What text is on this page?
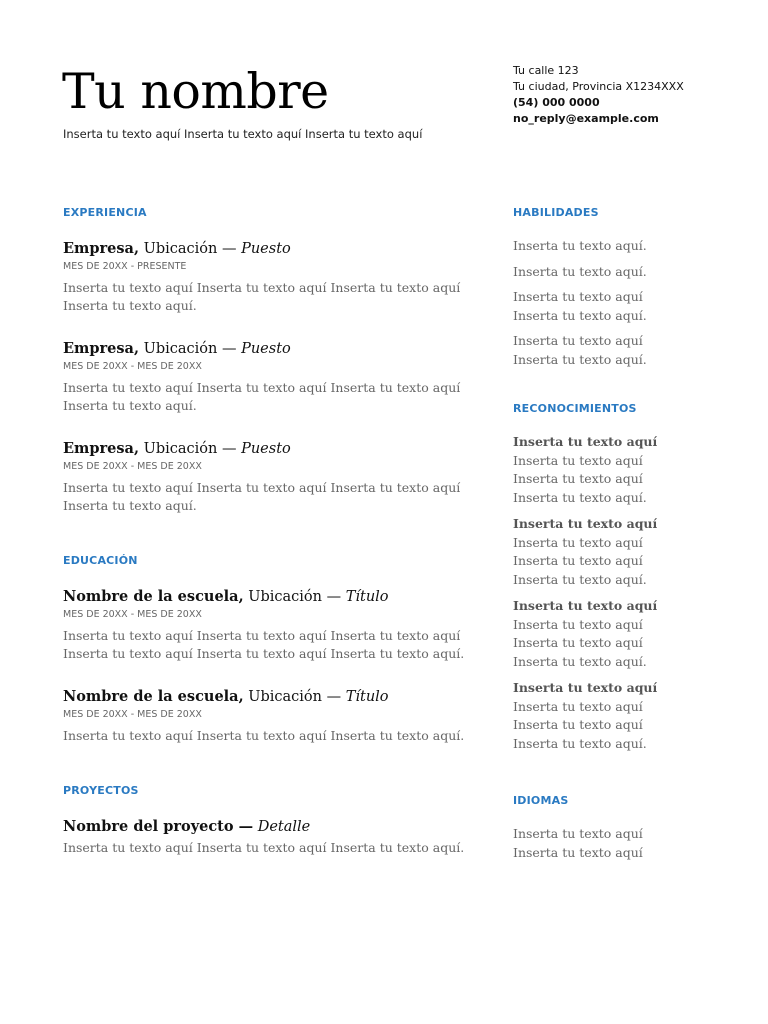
Tu nombre
Inserta tu texto aquí Inserta tu texto aquí Inserta tu texto aquí
Tu calle 123
Tu ciudad, Provincia X1234XXX
(54) 000 0000
no_reply@example.com
EXPERIENCIA
Empresa, Ubicación — Puesto
MES DE 20XX - PRESENTE
Inserta tu texto aquí Inserta tu texto aquí Inserta tu texto aquí Inserta tu texto aquí.
Empresa, Ubicación — Puesto
MES DE 20XX - MES DE 20XX
Inserta tu texto aquí Inserta tu texto aquí Inserta tu texto aquí Inserta tu texto aquí.
Empresa, Ubicación — Puesto
MES DE 20XX - MES DE 20XX
Inserta tu texto aquí Inserta tu texto aquí Inserta tu texto aquí Inserta tu texto aquí.
EDUCACIÓN
Nombre de la escuela, Ubicación — Título
MES DE 20XX - MES DE 20XX
Inserta tu texto aquí Inserta tu texto aquí Inserta tu texto aquí Inserta tu texto aquí Inserta tu texto aquí Inserta tu texto aquí.
Nombre de la escuela, Ubicación — Título
MES DE 20XX - MES DE 20XX
Inserta tu texto aquí Inserta tu texto aquí Inserta tu texto aquí.
PROYECTOS
Nombre del proyecto — Detalle
Inserta tu texto aquí Inserta tu texto aquí Inserta tu texto aquí.
HABILIDADES
Inserta tu texto aquí.
Inserta tu texto aquí.
Inserta tu texto aquí Inserta tu texto aquí.
Inserta tu texto aquí Inserta tu texto aquí.
RECONOCIMIENTOS
Inserta tu texto aquí Inserta tu texto aquí Inserta tu texto aquí Inserta tu texto aquí.
Inserta tu texto aquí Inserta tu texto aquí Inserta tu texto aquí Inserta tu texto aquí.
Inserta tu texto aquí Inserta tu texto aquí Inserta tu texto aquí Inserta tu texto aquí.
Inserta tu texto aquí Inserta tu texto aquí Inserta tu texto aquí Inserta tu texto aquí.
IDIOMAS
Inserta tu texto aquí Inserta tu texto aquí
